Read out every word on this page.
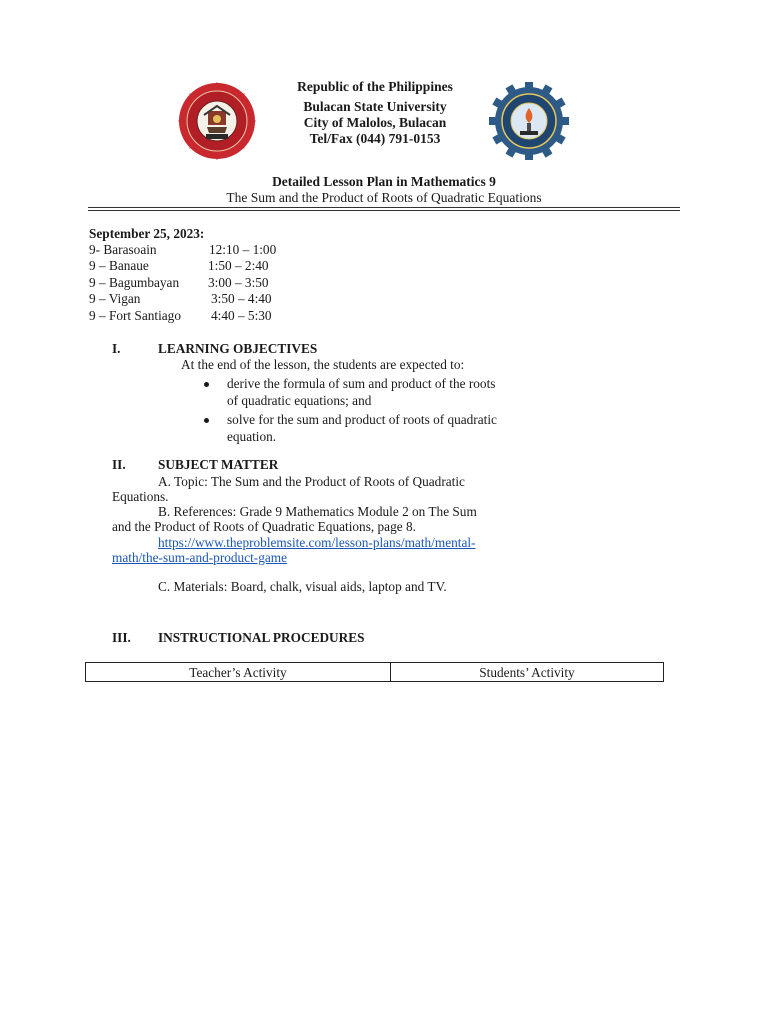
Republic of the Philippines
Bulacan State University
City of Malolos, Bulacan
Tel/Fax (044) 791-0153
Detailed Lesson Plan in Mathematics 9
The Sum and the Product of Roots of Quadratic Equations
September 25, 2023:
9- Barasoain	12:10 – 1:00
9 – Banaue	1:50 – 2:40
9 – Bagumbayan 3:00 – 3:50
9 – Vigan	3:50 – 4:40
9 – Fort Santiago 4:40 – 5:30
I.	LEARNING OBJECTIVES
At the end of the lesson, the students are expected to:
derive the formula of sum and product of the roots
of quadratic equations; and
solve for the sum and product of roots of quadratic
equation.
II. SUBJECT MATTER
A. Topic: The Sum and the Product of Roots of Quadratic
Equations.
B. References: Grade 9 Mathematics Module 2 on The Sum
and the Product of Roots of Quadratic Equations, page 8.
https://www.theproblemsite.com/lesson-plans/math/mental-
math/the-sum-and-product-game
C. Materials: Board, chalk, visual aids, laptop and TV.
III. INSTRUCTIONAL PROCEDURES
Teacher’s Activity	Students’ Activity
